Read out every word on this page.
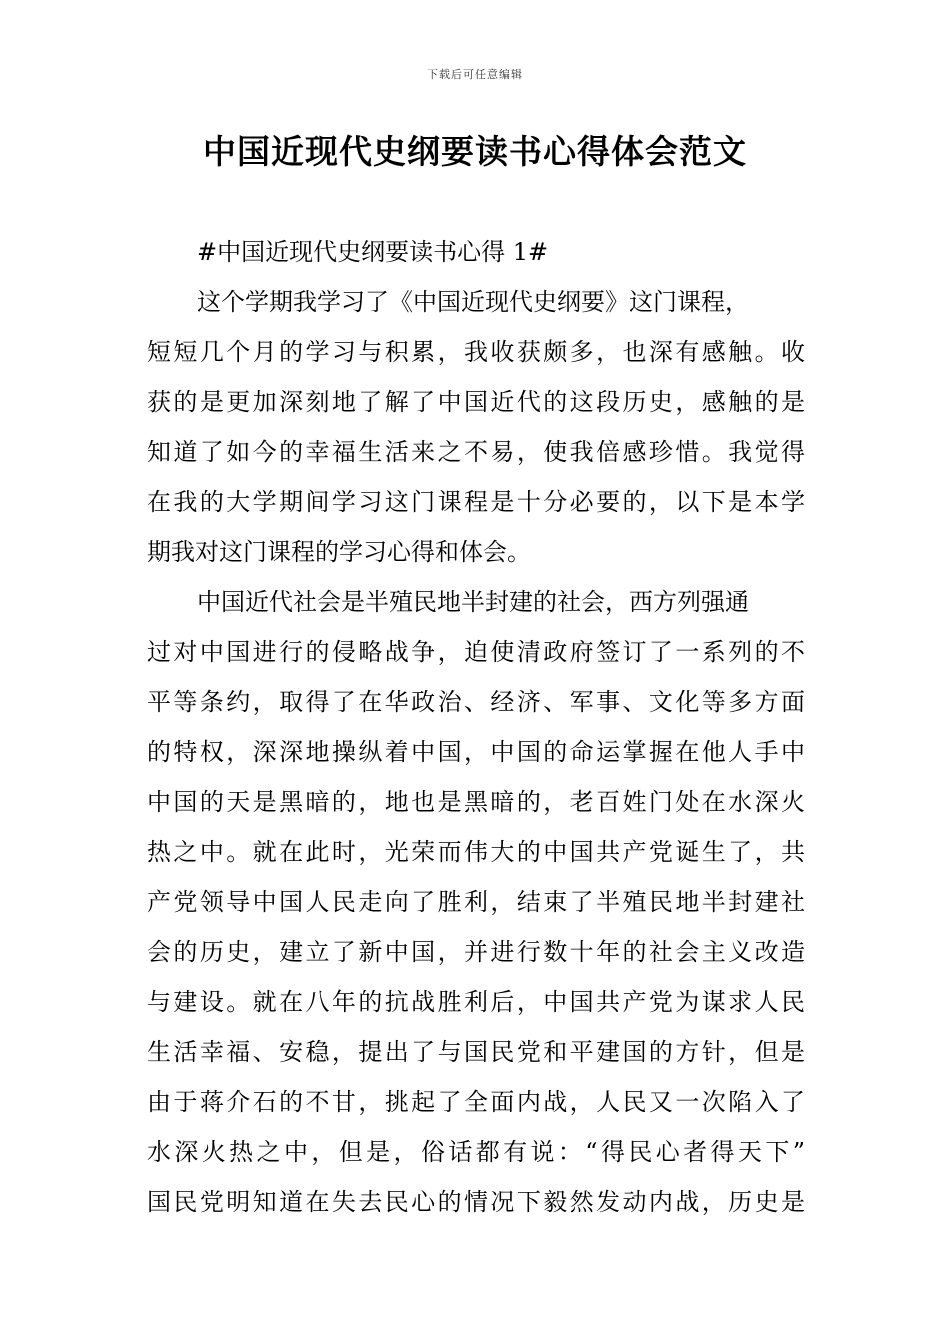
下载后可任意编辑
中国近现代史纲要读书心得体会范文
#中国近现代史纲要读书心得 1#
这个学期我学习了《中国近现代史纲要》这门课程，
短短几个月的学习与积累，我收获颇多，也深有感触。收
获的是更加深刻地了解了中国近代的这段历史，感触的是
知道了如今的幸福生活来之不易，使我倍感珍惜。我觉得
在我的大学期间学习这门课程是十分必要的，以下是本学
期我对这门课程的学习心得和体会。
中国近代社会是半殖民地半封建的社会，西方列强通
过对中国进行的侵略战争，迫使清政府签订了一系列的不
平等条约，取得了在华政治、经济、军事、文化等多方面
的特权，深深地操纵着中国，中国的命运掌握在他人手中
中国的天是黑暗的，地也是黑暗的，老百姓门处在水深火
热之中。就在此时，光荣而伟大的中国共产党诞生了，共
产党领导中国人民走向了胜利，结束了半殖民地半封建社
会的历史，建立了新中国，并进行数十年的社会主义改造
与建设。就在八年的抗战胜利后，中国共产党为谋求人民
生活幸福、安稳，提出了与国民党和平建国的方针，但是
由于蒋介石的不甘，挑起了全面内战，人民又一次陷入了
水深火热之中，但是，俗话都有说：“得民心者得天下”
国民党明知道在失去民心的情况下毅然发动内战，历史是
